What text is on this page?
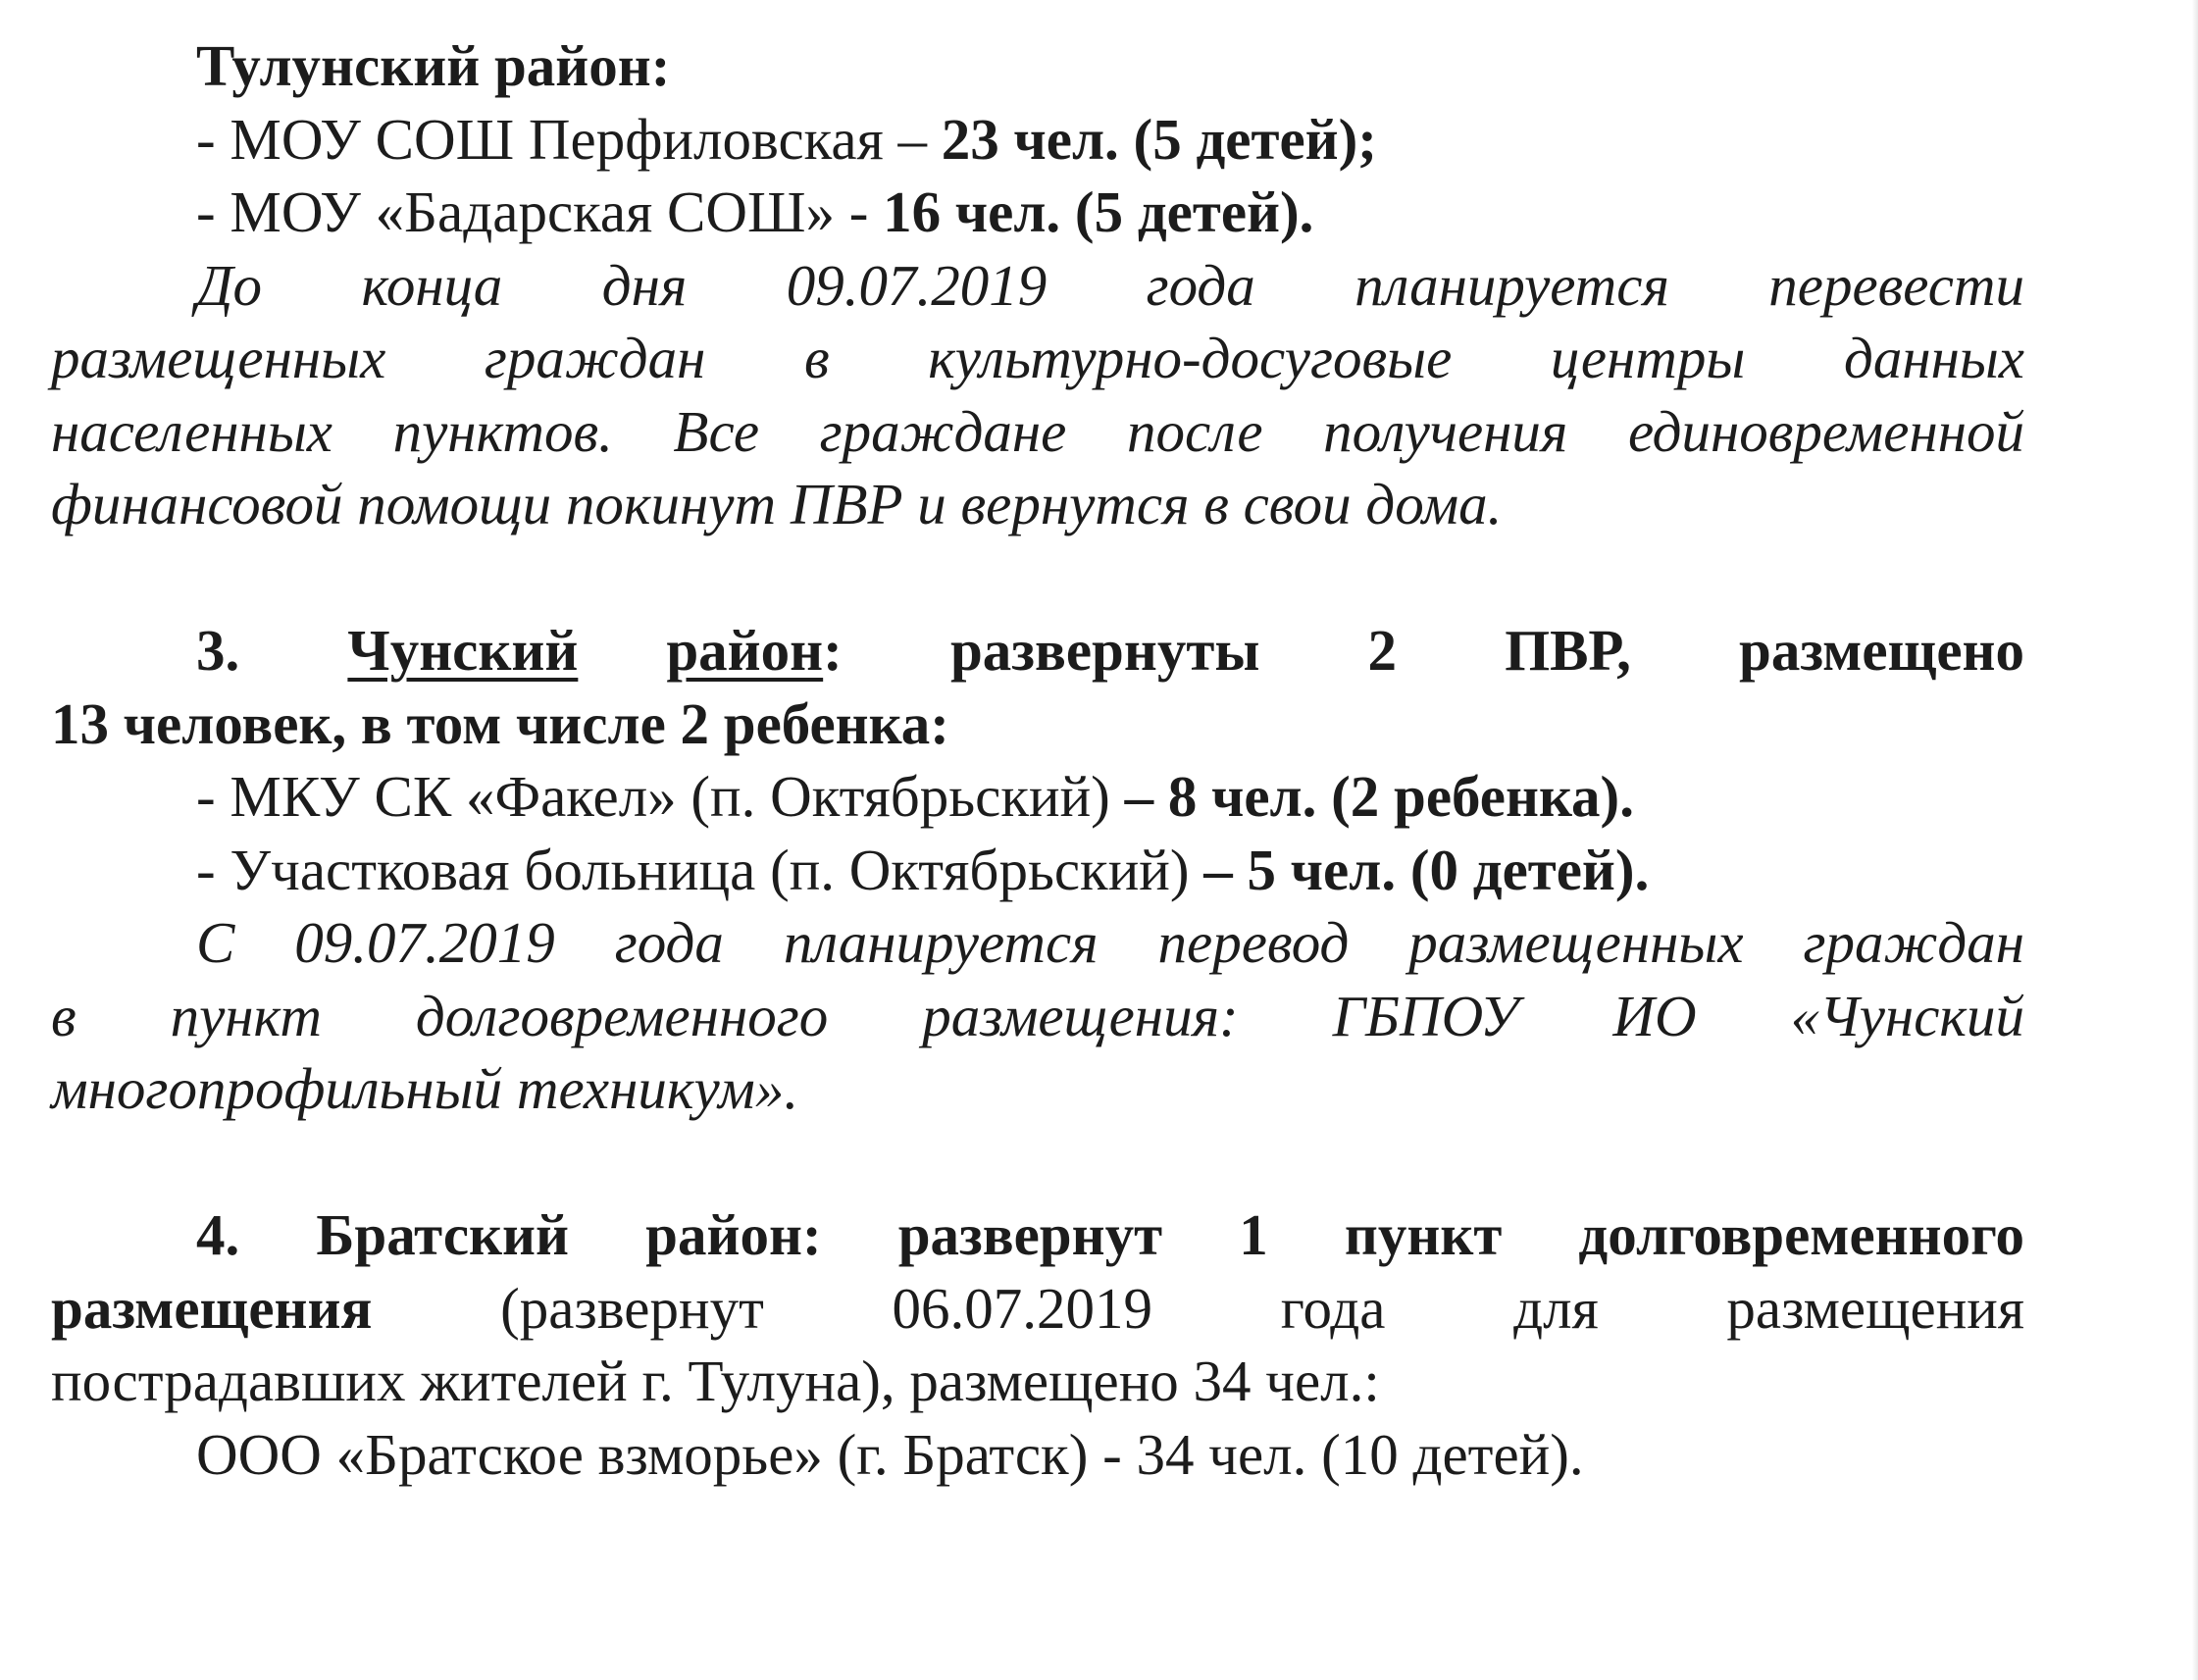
Тулунский район:
- МОУ СОШ Перфиловская – 23 чел. (5 детей);
- МОУ «Бадарская СОШ» - 16 чел. (5 детей).
До конца дня 09.07.2019 года планируется перевести
размещенных граждан в культурно-досуговые центры данных
населенных пунктов. Все граждане после получения единовременной
финансовой помощи покинут ПВР и вернутся в свои дома.
3. Чунский район: развернуты 2 ПВР, размещено
13 человек, в том числе 2 ребенка:
- МКУ СК «Факел» (п. Октябрьский) – 8 чел. (2 ребенка).
- Участковая больница (п. Октябрьский) – 5 чел. (0 детей).
С 09.07.2019 года планируется перевод размещенных граждан
в пункт долговременного размещения: ГБПОУ ИО «Чунский
многопрофильный техникум».
4. Братский район: развернут 1 пункт долговременного
размещения (развернут 06.07.2019 года для размещения
пострадавших жителей г. Тулуна), размещено 34 чел.:
ООО «Братское взморье» (г. Братск) - 34 чел. (10 детей).
